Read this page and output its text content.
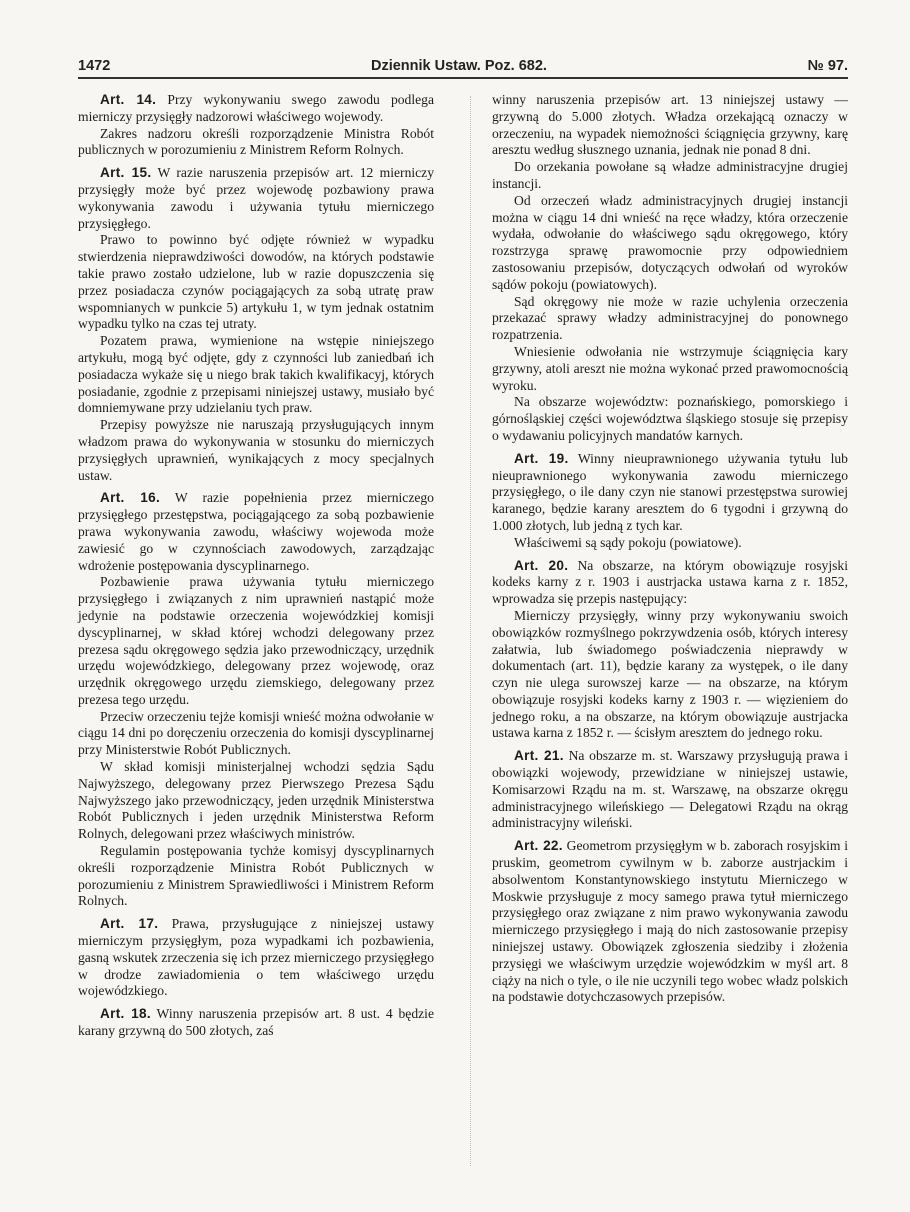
1472	Dziennik Ustaw. Poz. 682.	№ 97.

Art. 14. Przy wykonywaniu swego zawodu podlega mierniczy przysięgły nadzorowi właściwego wojewody.

Zakres nadzoru określi rozporządzenie Ministra Robót publicznych w porozumieniu z Ministrem Reform Rolnych.

Art. 15. W razie naruszenia przepisów art. 12 mierniczy przysięgły może być przez wojewodę pozbawiony prawa wykonywania zawodu i używania tytułu mierniczego przysięgłego.

Prawo to powinno być odjęte również w wypadku stwierdzenia nieprawdziwości dowodów, na których podstawie takie prawo zostało udzielone, lub w razie dopuszczenia się przez posiadacza czynów pociągających za sobą utratę praw wspomnianych w punkcie 5) artykułu 1, w tym jednak ostatnim wypadku tylko na czas tej utraty.

Pozatem prawa, wymienione na wstępie niniejszego artykułu, mogą być odjęte, gdy z czynności lub zaniedbań ich posiadacza wykaże się u niego brak takich kwalifikacyj, których posiadanie, zgodnie z przepisami niniejszej ustawy, musiało być domniemywane przy udzielaniu tych praw.

Przepisy powyższe nie naruszają przysługujących innym władzom prawa do wykonywania w stosunku do mierniczych przysięgłych uprawnień, wynikających z mocy specjalnych ustaw.

Art. 16. W razie popełnienia przez mierniczego przysięgłego przestępstwa, pociągającego za sobą pozbawienie prawa wykonywania zawodu, właściwy wojewoda może zawiesić go w czynnościach zawodowych, zarządzając wdrożenie postępowania dyscyplinarnego.

Pozbawienie prawa używania tytułu mierniczego przysięgłego i związanych z nim uprawnień nastąpić może jedynie na podstawie orzeczenia wojewódzkiej komisji dyscyplinarnej, w skład której wchodzi delegowany przez prezesa sądu okręgowego sędzia jako przewodniczący, urzędnik urzędu wojewódzkiego, delegowany przez wojewodę, oraz urzędnik okręgowego urzędu ziemskiego, delegowany przez prezesa tego urzędu.

Przeciw orzeczeniu tejże komisji wnieść można odwołanie w ciągu 14 dni po doręczeniu orzeczenia do komisji dyscyplinarnej przy Ministerstwie Robót Publicznych.

W skład komisji ministerjalnej wchodzi sędzia Sądu Najwyższego, delegowany przez Pierwszego Prezesa Sądu Najwyższego jako przewodniczący, jeden urzędnik Ministerstwa Robót Publicznych i jeden urzędnik Ministerstwa Reform Rolnych, delegowani przez właściwych ministrów.

Regulamin postępowania tychże komisyj dyscyplinarnych określi rozporządzenie Ministra Robót Publicznych w porozumieniu z Ministrem Sprawiedliwości i Ministrem Reform Rolnych.

Art. 17. Prawa, przysługujące z niniejszej ustawy mierniczym przysięgłym, poza wypadkami ich pozbawienia, gasną wskutek zrzeczenia się ich przez mierniczego przysięgłego w drodze zawiadomienia o tem właściwego urzędu wojewódzkiego.

Art. 18. Winny naruszenia przepisów art. 8 ust. 4 będzie karany grzywną do 500 złotych, zaś

winny naruszenia przepisów art. 13 niniejszej ustawy — grzywną do 5.000 złotych. Władza orzekającą oznaczy w orzeczeniu, na wypadek niemożności ściągnięcia grzywny, karę aresztu według słusznego uznania, jednak nie ponad 8 dni.

Do orzekania powołane są władze administracyjne drugiej instancji.

Od orzeczeń władz administracyjnych drugiej instancji można w ciągu 14 dni wnieść na ręce władzy, która orzeczenie wydała, odwołanie do właściwego sądu okręgowego, który rozstrzyga sprawę prawomocnie przy odpowiedniem zastosowaniu przepisów, dotyczących odwołań od wyroków sądów pokoju (powiatowych).

Sąd okręgowy nie może w razie uchylenia orzeczenia przekazać sprawy władzy administracyjnej do ponownego rozpatrzenia.

Wniesienie odwołania nie wstrzymuje ściągnięcia kary grzywny, atoli areszt nie można wykonać przed prawomocnością wyroku.

Na obszarze województw: poznańskiego, pomorskiego i górnośląskiej części województwa śląskiego stosuje się przepisy o wydawaniu policyjnych mandatów karnych.

Art. 19. Winny nieuprawnionego używania tytułu lub nieuprawnionego wykonywania zawodu mierniczego przysięgłego, o ile dany czyn nie stanowi przestępstwa surowiej karanego, będzie karany aresztem do 6 tygodni i grzywną do 1.000 złotych, lub jedną z tych kar.

Właściwemi są sądy pokoju (powiatowe).

Art. 20. Na obszarze, na którym obowiązuje rosyjski kodeks karny z r. 1903 i austrjacka ustawa karna z r. 1852, wprowadza się przepis następujący:

Mierniczy przysięgły, winny przy wykonywaniu swoich obowiązków rozmyślnego pokrzywdzenia osób, których interesy załatwia, lub świadomego poświadczenia nieprawdy w dokumentach (art. 11), będzie karany za występek, o ile dany czyn nie ulega surowszej karze — na obszarze, na którym obowiązuje rosyjski kodeks karny z 1903 r. — więzieniem do jednego roku, a na obszarze, na którym obowiązuje austrjacka ustawa karna z 1852 r. — ścisłym aresztem do jednego roku.

Art. 21. Na obszarze m. st. Warszawy przysługują prawa i obowiązki wojewody, przewidziane w niniejszej ustawie, Komisarzowi Rządu na m. st. Warszawę, na obszarze okręgu administracyjnego wileńskiego — Delegatowi Rządu na okrąg administracyjny wileński.

Art. 22. Geometrom przysięgłym w b. zaborach rosyjskim i pruskim, geometrom cywilnym w b. zaborze austrjackim i absolwentom Konstantynowskiego instytutu Mierniczego w Moskwie przysługuje z mocy samego prawa tytuł mierniczego przysięgłego oraz związane z nim prawo wykonywania zawodu mierniczego przysięgłego i mają do nich zastosowanie przepisy niniejszej ustawy. Obowiązek zgłoszenia siedziby i złożenia przysięgi we właściwym urzędzie wojewódzkim w myśl art. 8 ciąży na nich o tyle, o ile nie uczynili tego wobec władz polskich na podstawie dotychczasowych przepisów.
